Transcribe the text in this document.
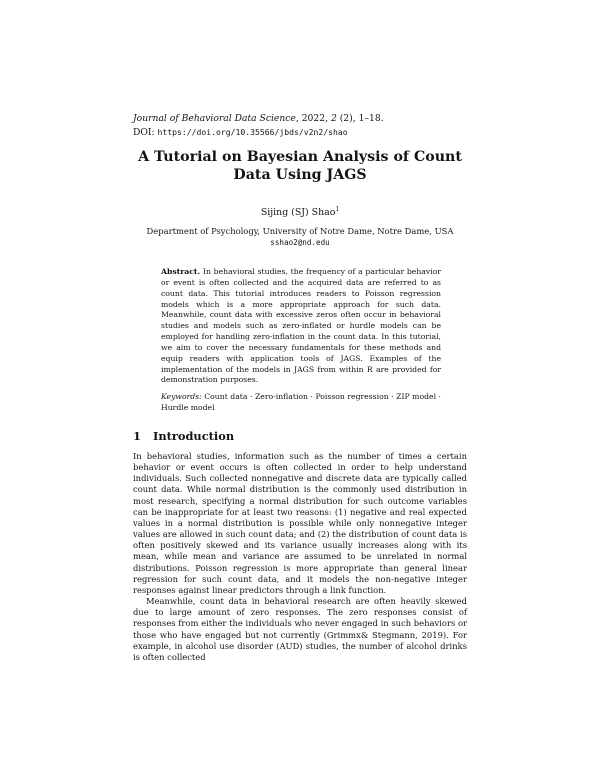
Journal of Behavioral Data Science, 2022, 2 (2), 1–18.
DOI: https://doi.org/10.35566/jbds/v2n2/shao
A Tutorial on Bayesian Analysis of Count Data Using JAGS
Sijing (SJ) Shao$^1$
Department of Psychology, University of Notre Dame, Notre Dame, USA
sshao2@nd.edu
Abstract. In behavioral studies, the frequency of a particular behavior or event is often collected and the acquired data are referred to as count data. This tutorial introduces readers to Poisson regression models which is a more appropriate approach for such data. Meanwhile, count data with excessive zeros often occur in behavioral studies and models such as zero-inflated or hurdle models can be employed for handling zero-inflation in the count data. In this tutorial, we aim to cover the necessary fundamentals for these methods and equip readers with application tools of JAGS. Examples of the implementation of the models in JAGS from within R are provided for demonstration purposes.
Keywords: Count data · Zero-inflation · Poisson regression · ZIP model · Hurdle model
1 Introduction

In behavioral studies, information such as the number of times a certain behavior or event occurs is often collected in order to help understand individuals. Such collected nonnegative and discrete data are typically called count data. While normal distribution is the commonly used distribution in most research, specifying a normal distribution for such outcome variables can be inappropriate for at least two reasons: (1) negative and real expected values in a normal distribution is possible while only nonnegative integer values are allowed in such count data; and (2) the distribution of count data is often positively skewed and its variance usually increases along with its mean, while mean and variance are assumed to be unrelated in normal distributions. Poisson regression is more appropriate than general linear regression for such count data, and it models the non-negative integer responses against linear predictors through a link function.

Meanwhile, count data in behavioral research are often heavily skewed due to large amount of zero responses. The zero responses consist of responses from either the individuals who never engaged in such behaviors or those who have engaged but not currently (Grimmx& Stegmann, 2019). For example, in alcohol use disorder (AUD) studies, the number of alcohol drinks is often collected
